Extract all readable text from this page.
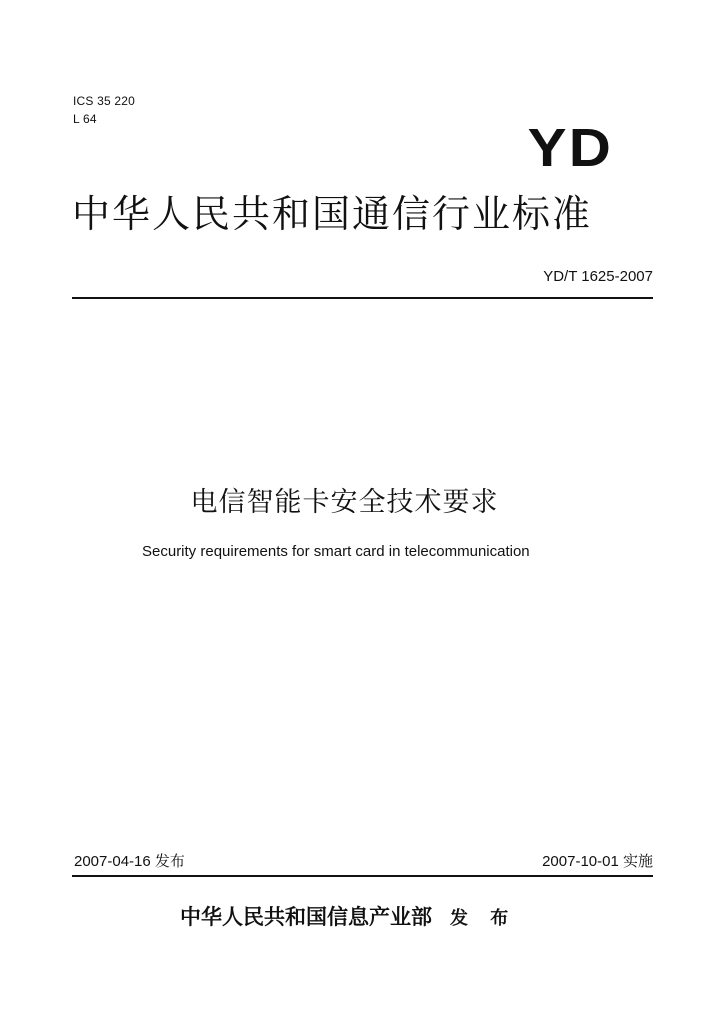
ICS 35 220
L 64	YD
中华人民共和国通信行业标准
YD/T 1625-2007
电信智能卡安全技术要求
Security requirements for smart card in telecommunication
2007-04-16 发布	2007-10-01 实施
中华人民共和国信息产业部 发 布
